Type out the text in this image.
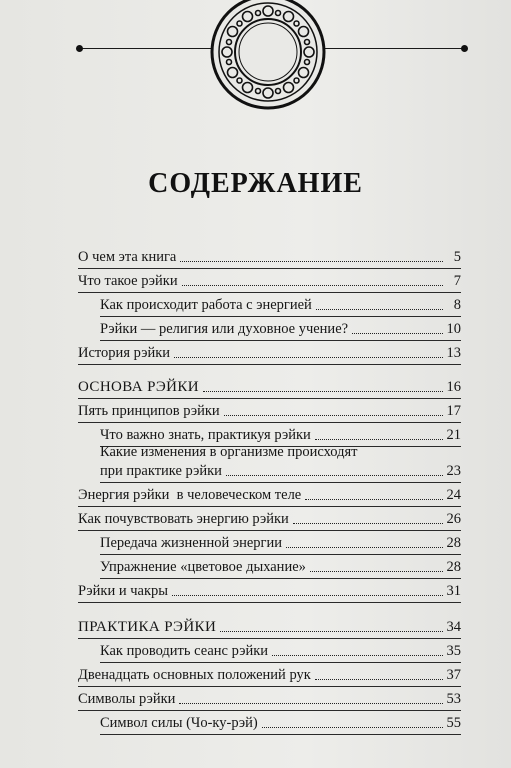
СОДЕРЖАНИЕ
О чем эта книга	5
Что такое рэйки	7
Как происходит работа с энергией	8
Рэйки — религия или духовное учение?	10
История рэйки	13
ОСНОВА РЭЙКИ	16
Пять принципов рэйки	17
Что важно знать, практикуя рэйки	21
Какие изменения в организме происходят
при практике рэйки	23
Энергия рэйки  в человеческом теле	24
Как почувствовать энергию рэйки	26
Передача жизненной энергии	28
Упражнение «цветовое дыхание»	28
Рэйки и чакры	31
ПРАКТИКА РЭЙКИ	34
Как проводить сеанс рэйки	35
Двенадцать основных положений рук	37
Символы рэйки	53
Символ силы (Чо-ку-рэй)	55
